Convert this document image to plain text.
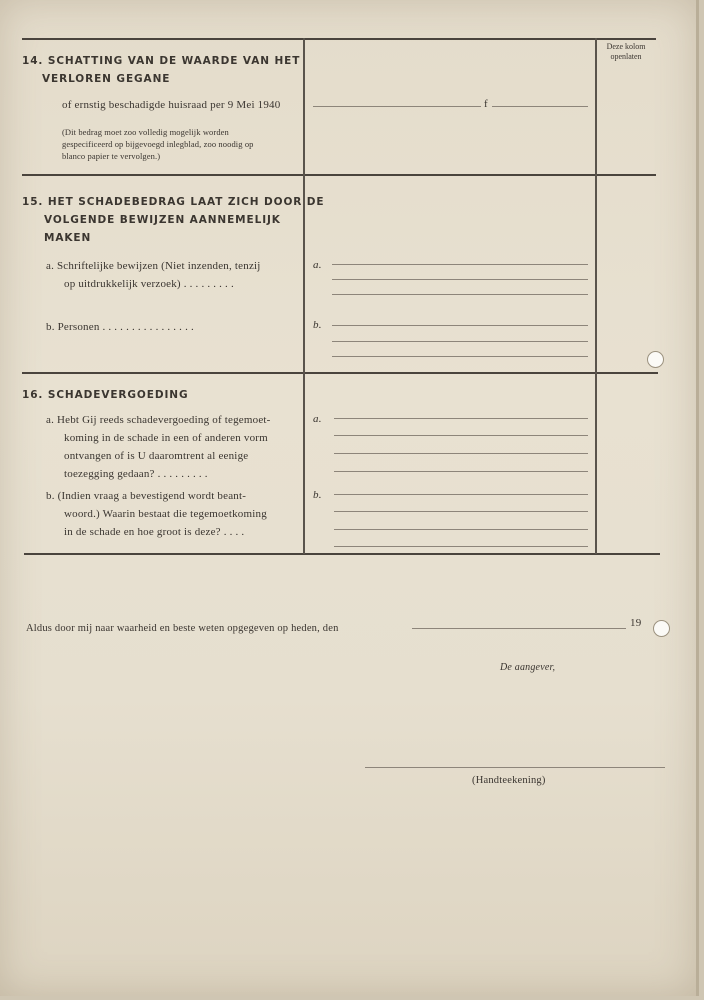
Deze kolom openlaten
14. SCHATTING VAN DE WAARDE VAN HET
VERLOREN GEGANE
of ernstig beschadigde huisraad per 9 Mei 1940
(Dit bedrag moet zoo volledig mogelijk worden
gespecificeerd op bijgevoegd inlegblad, zoo noodig op
blanco papier te vervolgen.)
f
15. HET SCHADEBEDRAG LAAT ZICH DOOR DE
VOLGENDE BEWIJZEN AANNEMELIJK
MAKEN
a. Schriftelijke bewijzen (Niet inzenden, tenzij
op uitdrukkelijk verzoek) . . . . . . . . .
b. Personen . . . . . . . . . . . . . . . .
a.
b.
16. SCHADEVERGOEDING
a. Hebt Gij reeds schadevergoeding of tegemoet-
koming in de schade in een of anderen vorm
ontvangen of is U daaromtrent al eenige
toezegging gedaan? . . . . . . . . .
b. (Indien vraag a bevestigend wordt beant-
woord.) Waarin bestaat die tegemoetkoming
in de schade en hoe groot is deze? . . . .
a.
b.
Aldus door mij naar waarheid en beste weten opgegeven op heden, den	19
De aangever,
(Handteekening)
